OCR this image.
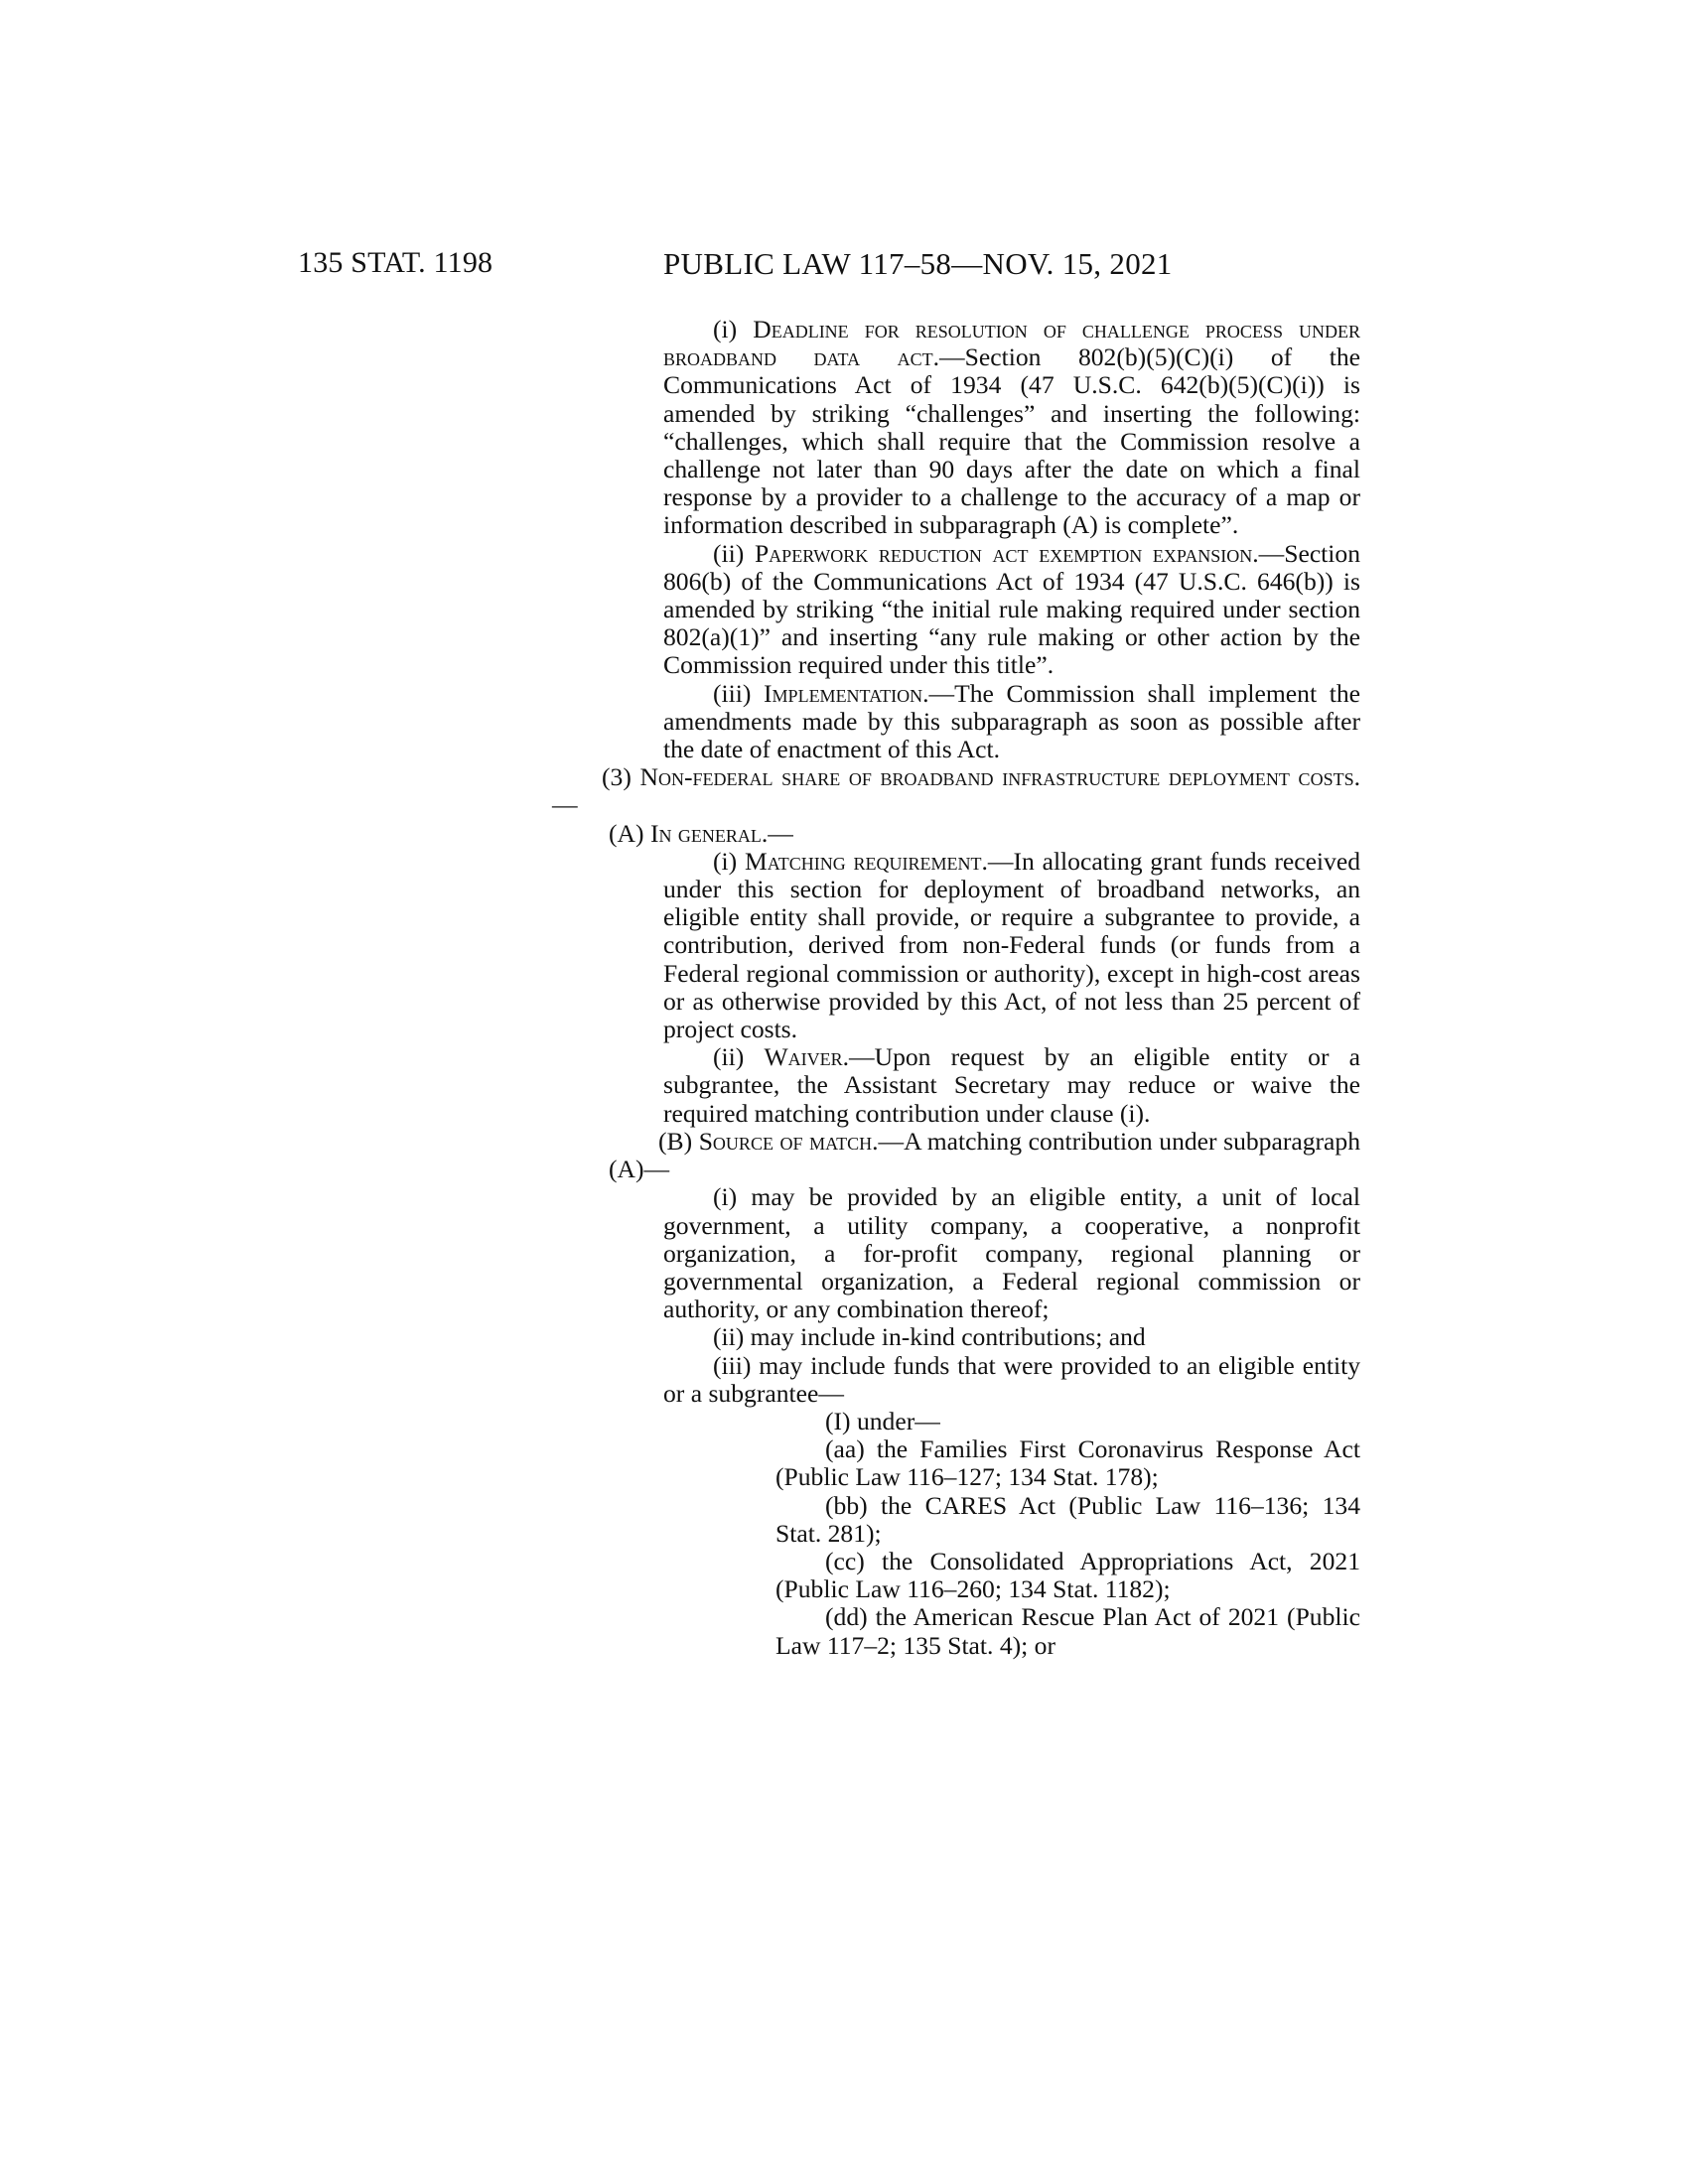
135 STAT. 1198	PUBLIC LAW 117–58—NOV. 15, 2021

(i) Deadline for resolution of challenge process under broadband data act.—Section 802(b)(5)(C)(i) of the Communications Act of 1934 (47 U.S.C. 642(b)(5)(C)(i)) is amended by striking “challenges” and inserting the following: “challenges, which shall require that the Commission resolve a challenge not later than 90 days after the date on which a final response by a provider to a challenge to the accuracy of a map or information described in subparagraph (A) is complete”.

(ii) Paperwork reduction act exemption expansion.—Section 806(b) of the Communications Act of 1934 (47 U.S.C. 646(b)) is amended by striking “the initial rule making required under section 802(a)(1)” and inserting “any rule making or other action by the Commission required under this title”.

(iii) Implementation.—The Commission shall implement the amendments made by this subparagraph as soon as possible after the date of enactment of this Act.

(3) Non-federal share of broadband infrastructure deployment costs.—

(A) In general.—

(i) Matching requirement.—In allocating grant funds received under this section for deployment of broadband networks, an eligible entity shall provide, or require a subgrantee to provide, a contribution, derived from non-Federal funds (or funds from a Federal regional commission or authority), except in high-cost areas or as otherwise provided by this Act, of not less than 25 percent of project costs.

(ii) Waiver.—Upon request by an eligible entity or a subgrantee, the Assistant Secretary may reduce or waive the required matching contribution under clause (i).

(B) Source of match.—A matching contribution under subparagraph (A)—

(i) may be provided by an eligible entity, a unit of local government, a utility company, a cooperative, a nonprofit organization, a for-profit company, regional planning or governmental organization, a Federal regional commission or authority, or any combination thereof;

(ii) may include in-kind contributions; and

(iii) may include funds that were provided to an eligible entity or a subgrantee—

(I) under—

(aa) the Families First Coronavirus Response Act (Public Law 116–127; 134 Stat. 178);

(bb) the CARES Act (Public Law 116–136; 134 Stat. 281);

(cc) the Consolidated Appropriations Act, 2021 (Public Law 116–260; 134 Stat. 1182);

(dd) the American Rescue Plan Act of 2021 (Public Law 117–2; 135 Stat. 4); or
